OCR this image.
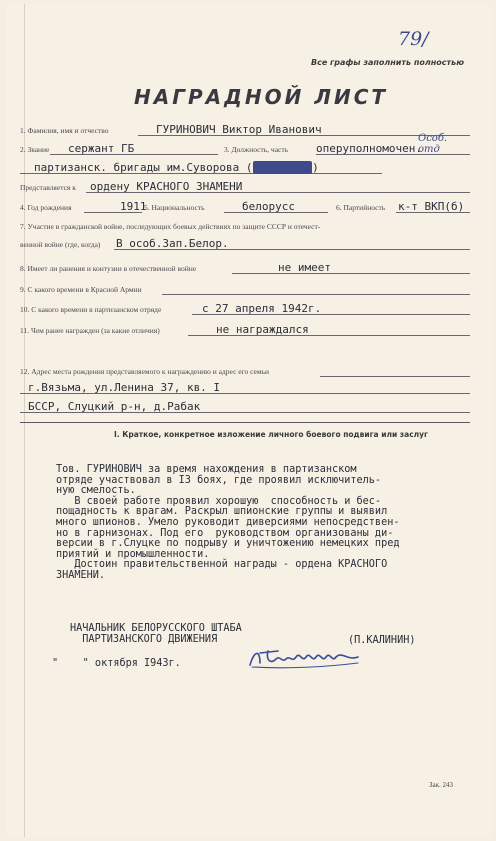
79/
Все графы заполнить полностью
НАГРАДНОЙ ЛИСТ
1. Фамилия, имя и отчество	ГУРИНОВИЧ Виктор Иванович
2. Звание сержант ГБ	3. Должность, часть	оперуполномочен.
Особ. отд
партизанск. бригады им.Суворова (Кировской)
Представляется к ордену КРАСНОГО ЗНАМЕНИ
4. Год рождения	1911
5. Национальность	белорусс	6. Партийность к-т ВКП(б)
7. Участие в гражданской войне, последующих боевых действиях по защите СССР и отечест-
венной войне (где, когда) В особ.Зап.Белор.
8. Имеет ли ранения и контузии в отечественной войне	не имеет
9. С какого времени в Красной Армии
10. С какого времени в партизанском отряде	с 27 апреля 1942г.
11. Чем ранее награжден (за какие отличия)	не награждался
12. Адрес места рождения представляемого к награждению и адрес его семьи
г.Вязьма, ул.Ленина 37, кв. I
БССР, Слуцкий р-н, д.Рабак
I. Краткое, конкретное изложение личного боевого подвига или заслуг
Тов. ГУРИНОВИЧ за время нахождения в партизанском
отряде участвовал в I3 боях, где проявил исключитель-
ную смелость.
В своей работе проявил хорошую  способность и бес-
пощадность к врагам. Раскрыл шпионские группы и выявил
много шпионов. Умело руководит диверсиями непосредствен-
но в гарнизонах. Под его  руководством организованы ди-
версии в г.Слуцке по подрыву и уничтожению немецких пред
приятий и промышленности.
Достоин правительственной награды - ордена КРАСНОГО
ЗНАМЕНИ.
НАЧАЛЬНИК БЕЛОРУССКОГО ШТАБА
ПАРТИЗАНСКОГО ДВИЖЕНИЯ	(П.КАЛИНИН)
"    " октября I943г.
Зак. 243
